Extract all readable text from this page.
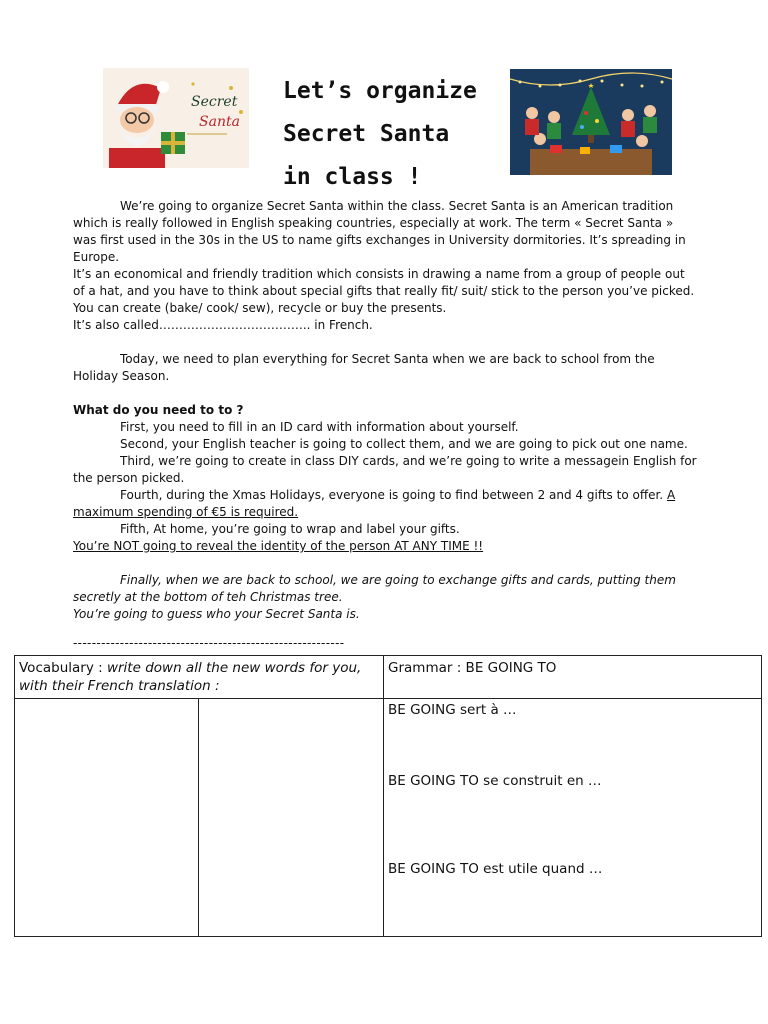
Secret
Santa
Let’s organize
Secret Santa
in class !

We’re going to organize Secret Santa within the class. Secret Santa is an American tradition which is really followed in English speaking countries, especially at work. The term « Secret Santa » was first used in the 30s in the US to name gifts exchanges in University dormitories. It’s spreading in Europe.

It’s an economical and friendly tradition which consists in drawing a name from a group of people out of a hat, and you have to think about special gifts that really fit/ suit/ stick to the person you’ve picked. You can create (bake/ cook/ sew), recycle or buy the presents.

It’s also called……………………………….. in French.

Today, we need to plan everything for Secret Santa when we are back to school from the Holiday Season.

What do you need to to ?

First, you need to fill in an ID card with information about yourself.

Second, your English teacher is going to collect them, and we are going to pick out one name.

Third, we’re going to create in class DIY cards, and we’re going to write a messagein English for the person picked.

Fourth, during the Xmas Holidays, everyone is going to find between 2 and 4 gifts to offer. A maximum spending of €5 is required.

Fifth, At home, you’re going to wrap and label your gifts.

You’re NOT going to reveal the identity of the person AT ANY TIME !!

Finally, when we are back to school, we are going to exchange gifts and cards, putting them secretly at the bottom of teh Christmas tree.

You’re going to guess who your Secret Santa is.

----------------------------------------------------------
Vocabulary : write down all the new words for you, with their French translation :		Grammar : BE GOING TO

		BE GOING sert à …
BE GOING TO se construit en …
BE GOING TO est utile quand …
